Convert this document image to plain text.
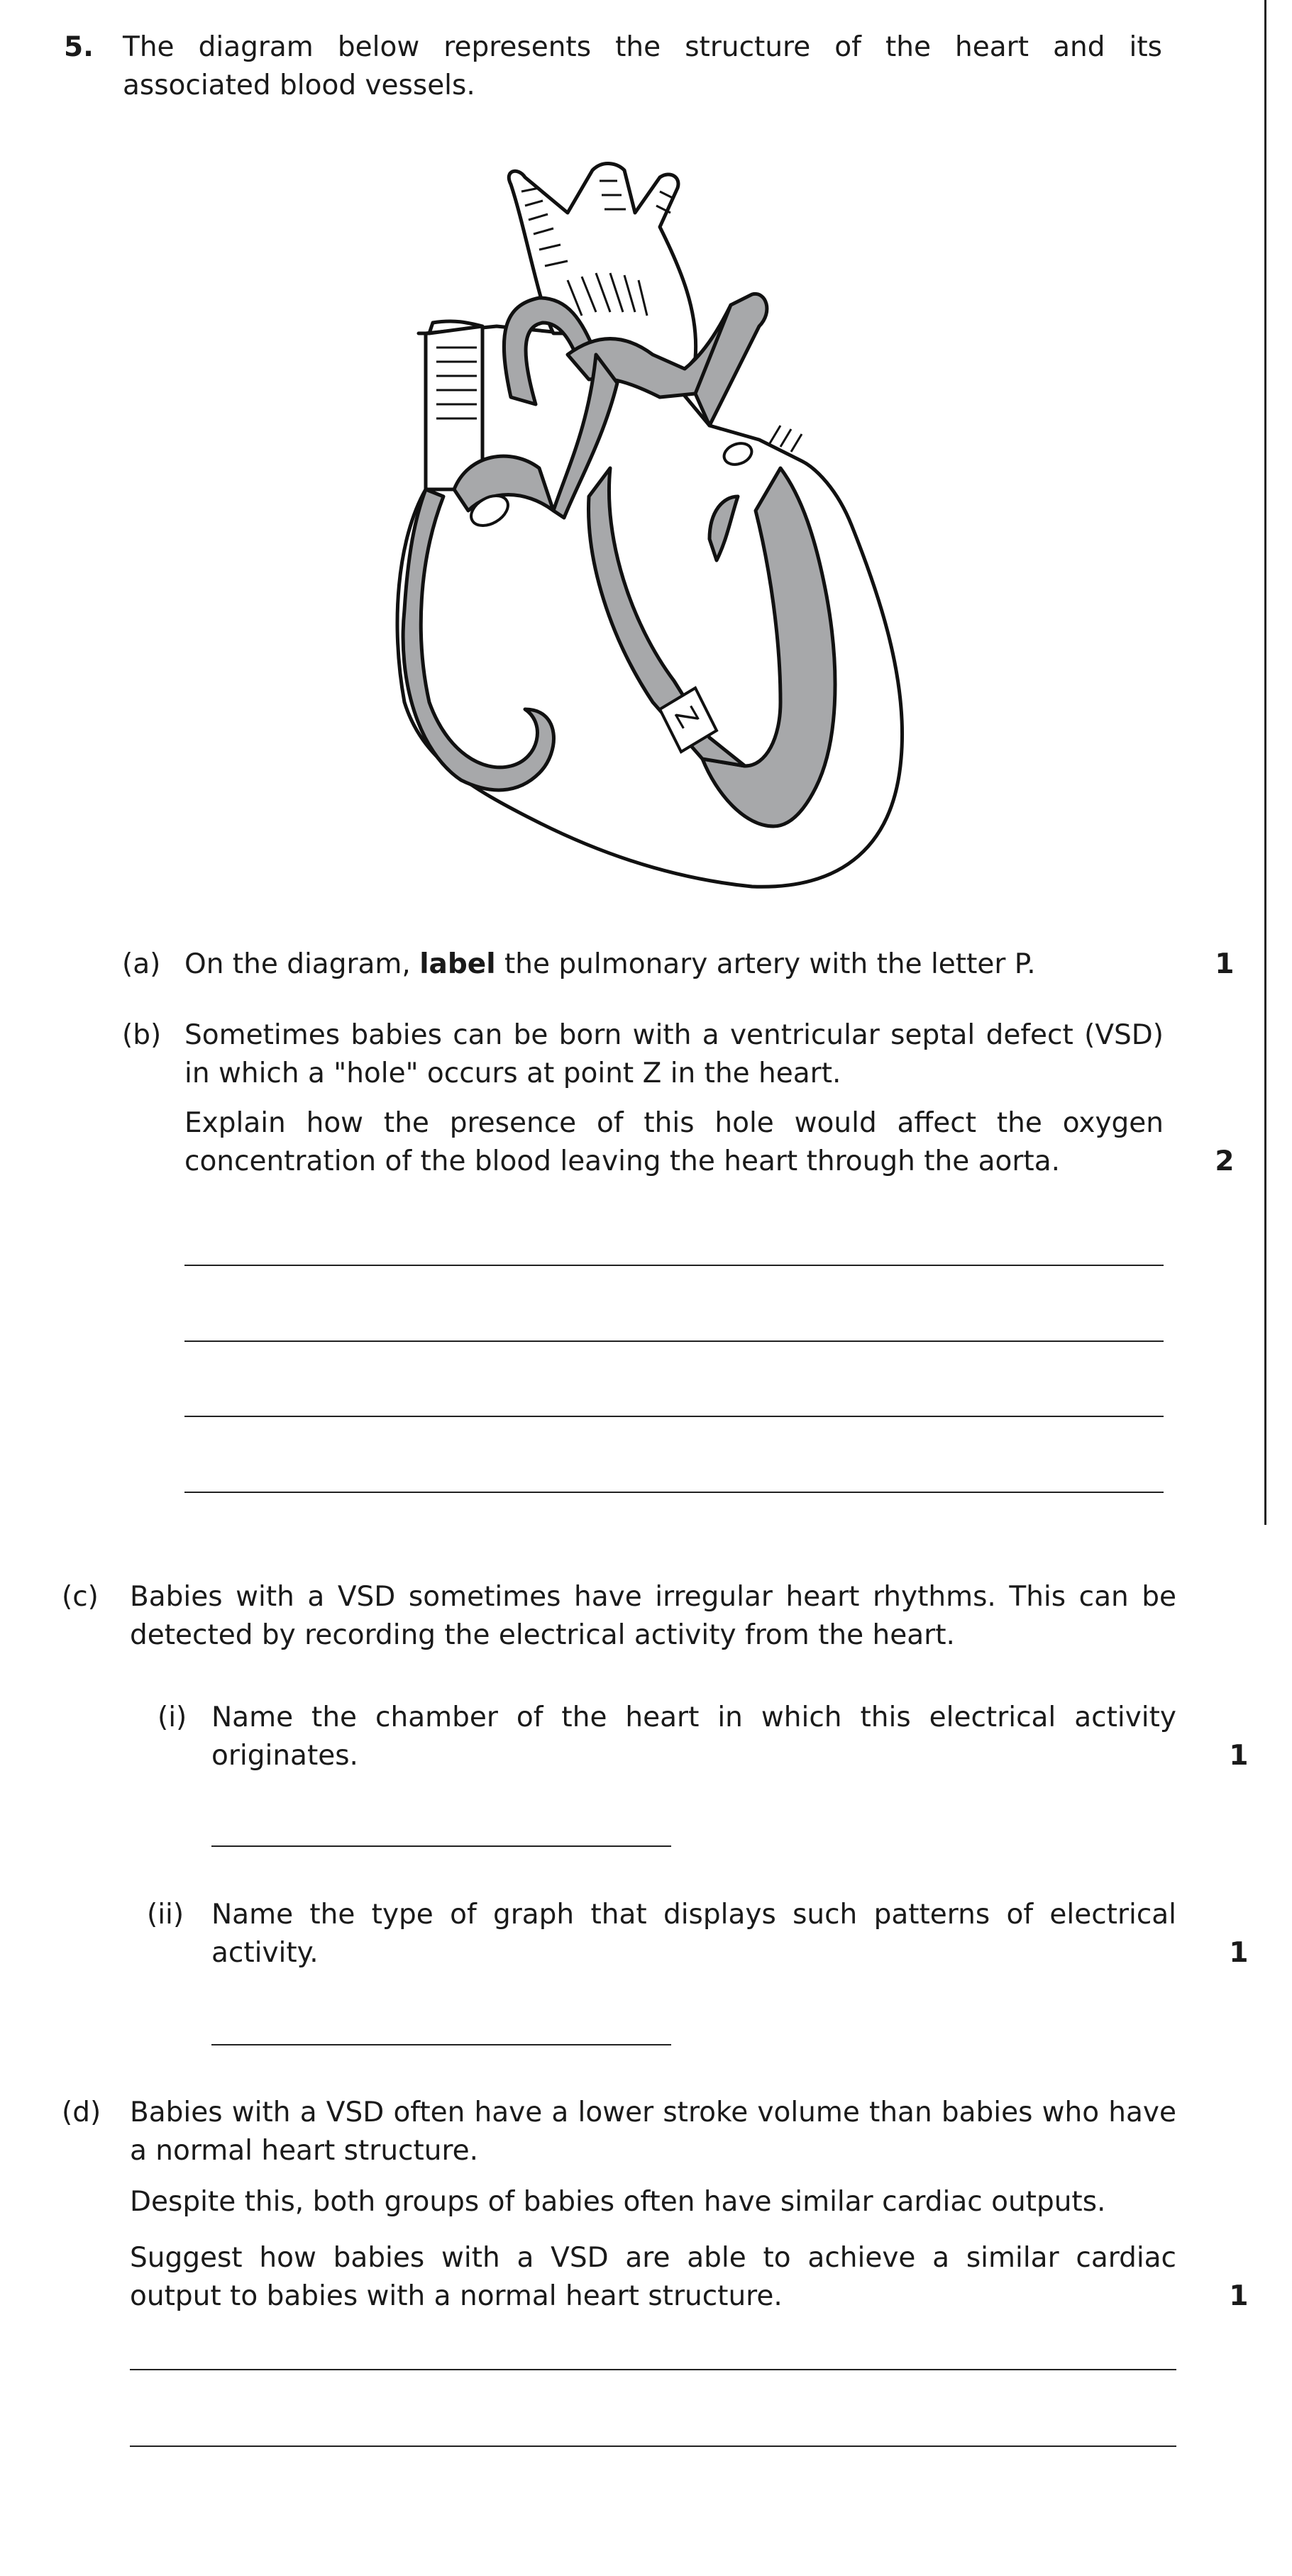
5. The diagram below represents the structure of the heart and its associated blood vessels.
Z
(a) On the diagram, label the pulmonary artery with the letter P.	1
(b) Sometimes babies can be born with a ventricular septal defect (VSD) in which a "hole" occurs at point Z in the heart.
Explain how the presence of this hole would affect the oxygen concentration of the blood leaving the heart through the aorta.	2
(c) Babies with a VSD sometimes have irregular heart rhythms. This can be detected by recording the electrical activity from the heart.
(i) Name the chamber of the heart in which this electrical activity originates.	1
(ii) Name the type of graph that displays such patterns of electrical activity.	1
(d) Babies with a VSD often have a lower stroke volume than babies who have a normal heart structure.
Despite this, both groups of babies often have similar cardiac outputs.
Suggest how babies with a VSD are able to achieve a similar cardiac output to babies with a normal heart structure.	1
